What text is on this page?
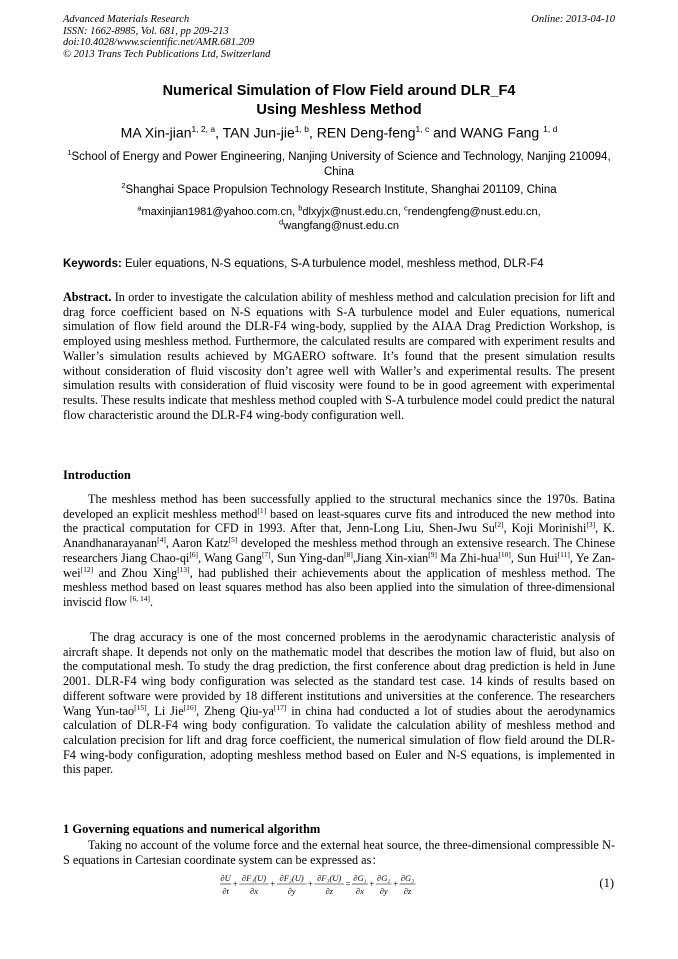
Advanced Materials Research
ISSN: 1662-8985, Vol. 681, pp 209-213
doi:10.4028/www.scientific.net/AMR.681.209
© 2013 Trans Tech Publications Ltd, Switzerland
Online: 2013-04-10
Numerical Simulation of Flow Field around DLR_F4
Using Meshless Method
MA Xin-jian$^{1, 2, a}$, TAN Jun-jie$^{1, b}$, REN Deng-feng$^{1, c}$ and WANG Fang $^{1, d}$
$^1$School of Energy and Power Engineering, Nanjing University of Science and Technology, Nanjing 210094, China
$^2$Shanghai Space Propulsion Technology Research Institute, Shanghai 201109, China
$^a$maxinjian1981@yahoo.com.cn, $^b$dlxyjx@nust.edu.cn, $^c$rendengfeng@nust.edu.cn,
$^d$wangfang@nust.edu.cn
Keywords: Euler equations, N-S equations, S-A turbulence model, meshless method, DLR-F4
Abstract. In order to investigate the calculation ability of meshless method and calculation precision for lift and drag force coefficient based on N-S equations with S-A turbulence model and Euler equations, numerical simulation of flow field around the DLR-F4 wing-body, supplied by the AIAA Drag Prediction Workshop, is employed using meshless method. Furthermore, the calculated results are compared with experiment results and Waller’s simulation results achieved by MGAERO software. It’s found that the present simulation results without consideration of fluid viscosity don’t agree well with Waller’s and experimental results. The present simulation results with consideration of fluid viscosity were found to be in good agreement with experimental results. These results indicate that meshless method coupled with S-A turbulence model could predict the natural flow characteristic around the DLR-F4 wing-body configuration well.
Introduction
The meshless method has been successfully applied to the structural mechanics since the 1970s. Batina developed an explicit meshless method[1] based on least-squares curve fits and introduced the new method into the practical computation for CFD in 1993. After that, Jenn-Long Liu, Shen-Jwu Su[2], Koji Morinishi[3], K. Anandhanarayanan[4], Aaron Katz[5] developed the meshless method through an extensive research. The Chinese researchers Jiang Chao-qi[6], Wang Gang[7], Sun Ying-dan[8],Jiang Xin-xian[9] Ma Zhi-hua[10], Sun Hui[11], Ye Zan-wei[12] and Zhou Xing[13], had published their achievements about the application of meshless method. The meshless method based on least squares method has also been applied into the simulation of three-dimensional inviscid flow [6, 14].
The drag accuracy is one of the most concerned problems in the aerodynamic characteristic analysis of aircraft shape. It depends not only on the mathematic model that describes the motion law of fluid, but also on the computational mesh. To study the drag prediction, the first conference about drag prediction is held in June 2001. DLR-F4 wing body configuration was selected as the standard test case. 14 kinds of results based on different software were provided by 18 different institutions and universities at the conference. The researchers Wang Yun-tao[15], Li Jie[16], Zheng Qiu-ya[17] in china had conducted a lot of studies about the aerodynamics calculation of DLR-F4 wing body configuration. To validate the calculation ability of meshless method and calculation precision for lift and drag force coefficient, the numerical simulation of flow field around the DLR-F4 wing-body configuration, adopting meshless method based on Euler and N-S equations, is implemented in this paper.
1 Governing equations and numerical algorithm
Taking no account of the volume force and the external heat source, the three-dimensional compressible N-S equations in Cartesian coordinate system can be expressed as：
∂U
∂t
+
∂F₁(U)
∂x
+
∂F₂(U)
∂y
+
∂F₃(U)
∂z
=
∂G₁
∂x
+
∂G₂
∂y
+
∂G₃
∂z
(1)
